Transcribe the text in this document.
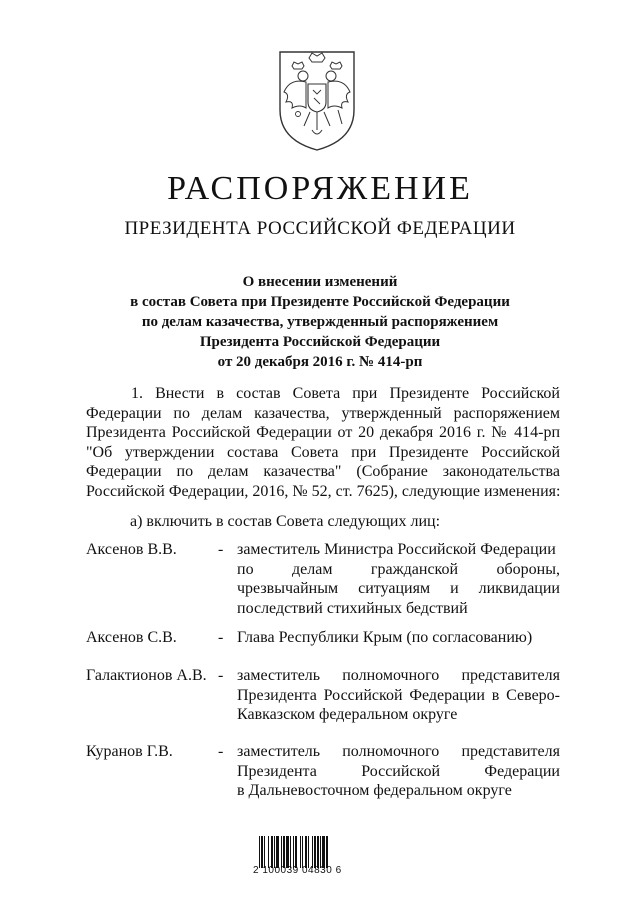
РАСПОРЯЖЕНИЕ
ПРЕЗИДЕНТА РОССИЙСКОЙ ФЕДЕРАЦИИ
О внесении изменений
в состав Совета при Президенте Российской Федерации
по делам казачества, утвержденный распоряжением
Президента Российской Федерации
от 20 декабря 2016 г. № 414-рп
1. Внести в состав Совета при Президенте Российской
Федерации по делам казачества, утвержденный распоряжением
Президента Российской Федерации от 20 декабря 2016 г. № 414-рп
"Об утверждении состава Совета при Президенте Российской
Федерации по делам казачества" (Собрание законодательства
Российской Федерации, 2016, № 52, ст. 7625), следующие изменения:
а) включить в состав Совета следующих лиц:
Аксенов В.В.	- заместитель Министра Российской Федерации
по делам гражданской обороны,
чрезвычайным ситуациям и ликвидации
последствий стихийных бедствий
Аксенов С.В.	- Глава Республики Крым (по согласованию)
Галактионов А.В. - заместитель полномочного представителя
Президента Российской Федерации в Северо-
Кавказском федеральном округе
Куранов Г.В.	- заместитель полномочного представителя
Президента Российской Федерации
в Дальневосточном федеральном округе
2 100039 04830 6
